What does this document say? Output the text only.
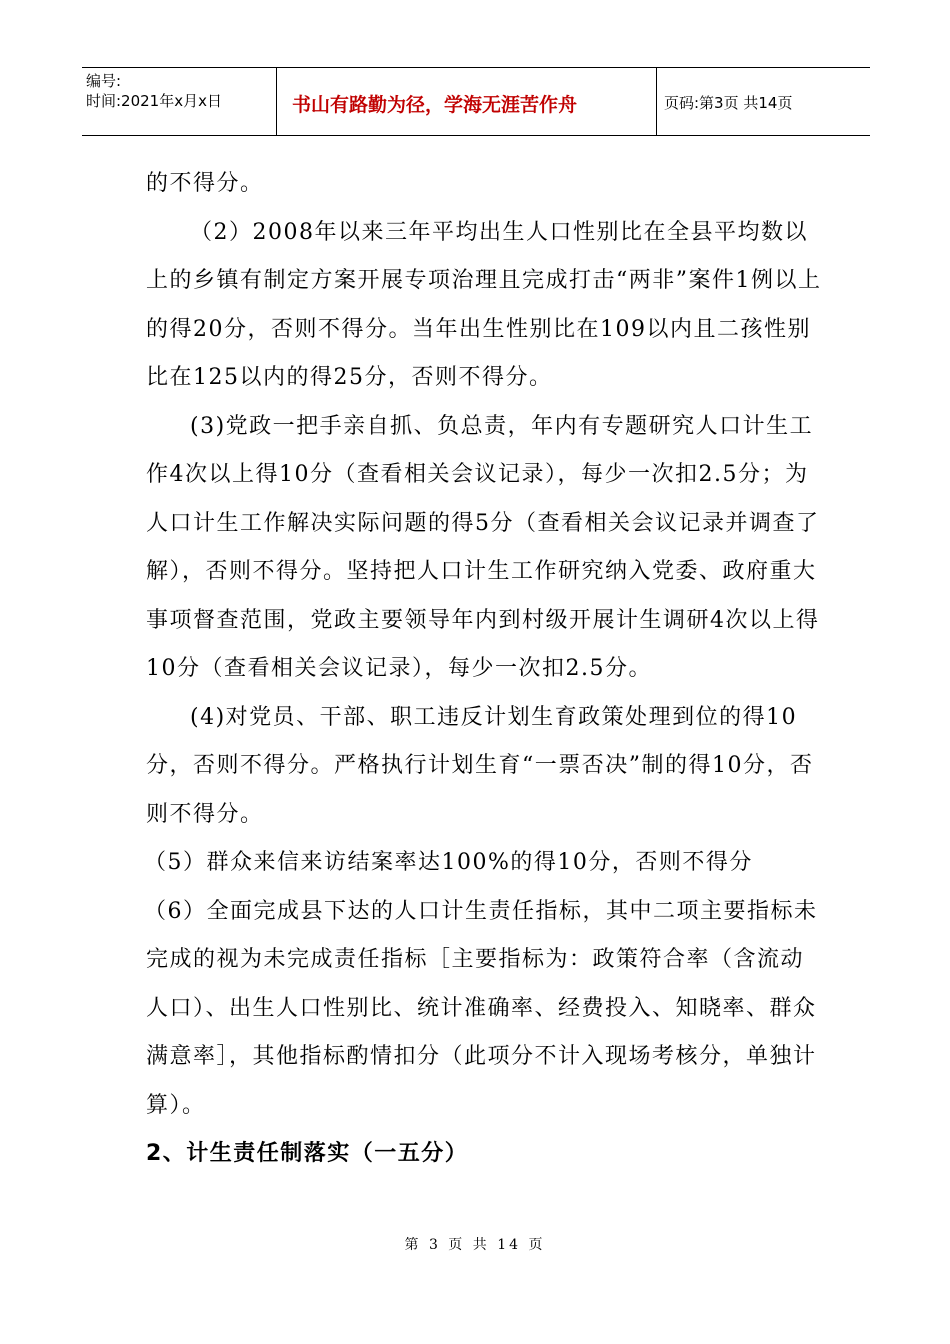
编号:
时间:2021年x月x日	书山有路勤为径，学海无涯苦作舟	页码:第3页 共14页

的不得分。

（2）2008年以来三年平均出生人口性别比在全县平均数以上的乡镇有制定方案开展专项治理且完成打击“两非”案件1例以上的得20分，否则不得分。当年出生性别比在109以内且二孩性别比在125以内的得25分，否则不得分。

(3)党政一把手亲自抓、负总责，年内有专题研究人口计生工作4次以上得10分（查看相关会议记录），每少一次扣2.5分；为人口计生工作解决实际问题的得5分（查看相关会议记录并调查了解），否则不得分。坚持把人口计生工作研究纳入党委、政府重大事项督查范围，党政主要领导年内到村级开展计生调研4次以上得10分（查看相关会议记录），每少一次扣2.5分。

(4)对党员、干部、职工违反计划生育政策处理到位的得10分，否则不得分。严格执行计划生育“一票否决”制的得10分，否则不得分。

（5）群众来信来访结案率达100%的得10分，否则不得分

（6）全面完成县下达的人口计生责任指标，其中二项主要指标未完成的视为未完成责任指标［主要指标为：政策符合率（含流动人口）、出生人口性别比、统计准确率、经费投入、知晓率、群众满意率］，其他指标酌情扣分（此项分不计入现场考核分，单独计算）。

2、计生责任制落实（一五分）

第 3 页 共 14 页
